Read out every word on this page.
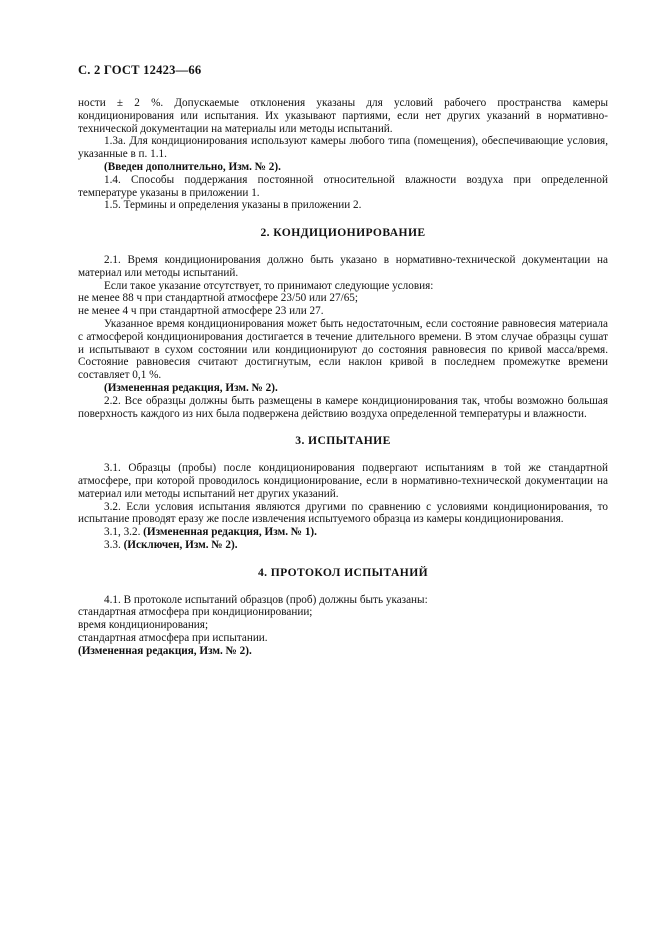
С. 2 ГОСТ 12423—66

ности ± 2 %. Допускаемые отклонения указаны для условий рабочего пространства камеры кондиционирования или испытания. Их указывают партиями, если нет других указаний в нормативно-технической документации на материалы или методы испытаний.

1.3а. Для кондиционирования используют камеры любого типа (помещения), обеспечивающие условия, указанные в п. 1.1.

(Введен дополнительно, Изм. № 2).

1.4. Способы поддержания постоянной относительной влажности воздуха при определенной температуре указаны в приложении 1.

1.5. Термины и определения указаны в приложении 2.

2. КОНДИЦИОНИРОВАНИЕ

2.1. Время кондиционирования должно быть указано в нормативно-технической документации на материал или методы испытаний.

Если такое указание отсутствует, то принимают следующие условия:

не менее 88 ч при стандартной атмосфере 23/50 или 27/65;

не менее 4 ч при стандартной атмосфере 23 или 27.

Указанное время кондиционирования может быть недостаточным, если состояние равновесия материала с атмосферой кондиционирования достигается в течение длительного времени. В этом случае образцы сушат и испытывают в сухом состоянии или кондиционируют до состояния равновесия по кривой масса/время. Состояние равновесия считают достигнутым, если наклон кривой в последнем промежутке времени составляет 0,1 %.

(Измененная редакция, Изм. № 2).

2.2. Все образцы должны быть размещены в камере кондиционирования так, чтобы возможно большая поверхность каждого из них была подвержена действию воздуха определенной температуры и влажности.

3. ИСПЫТАНИЕ

3.1. Образцы (пробы) после кондиционирования подвергают испытаниям в той же стандартной атмосфере, при которой проводилось кондиционирование, если в нормативно-технической документации на материал или методы испытаний нет других указаний.

3.2. Если условия испытания являются другими по сравнению с условиями кондиционирования, то испытание проводят еразу же после извлечения испытуемого образца из камеры кондиционирования.

3.1, 3.2. (Измененная редакция, Изм. № 1).

3.3. (Исключен, Изм. № 2).

4. ПРОТОКОЛ ИСПЫТАНИЙ

4.1. В протоколе испытаний образцов (проб) должны быть указаны:

стандартная атмосфера при кондиционировании;

время кондиционирования;

стандартная атмосфера при испытании.

(Измененная редакция, Изм. № 2).
